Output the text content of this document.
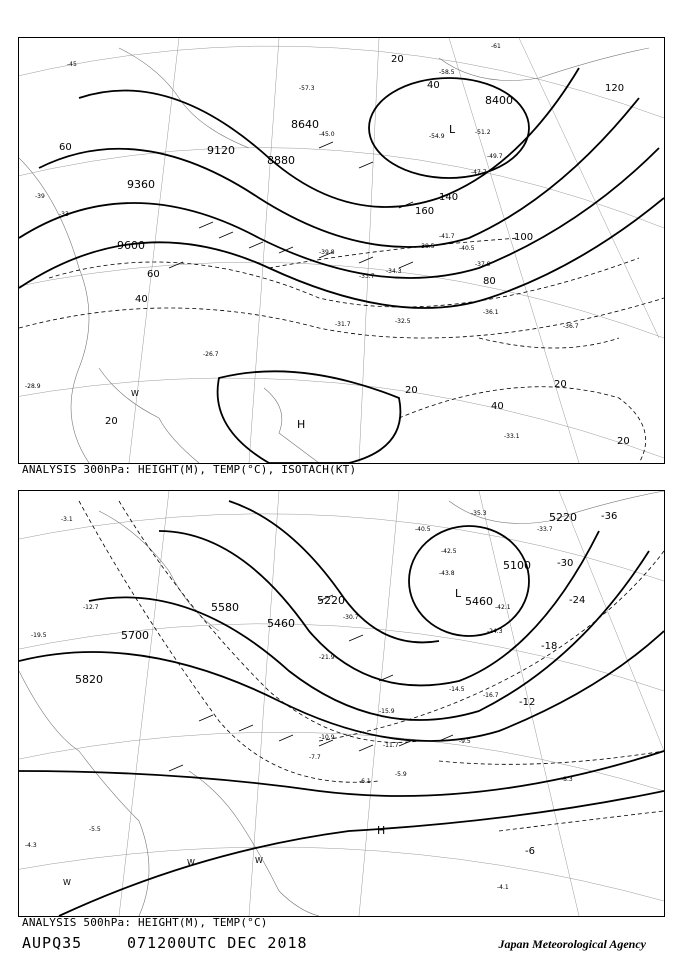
8640
8400
9120
8880
9360
9600
20
40
60
80
100
120
140
160
60
40
20
20
40
20
20
L
H
W
-45
-39
-33
-36.1
-32.5
-34.3
-37.9
-33.1
-28.9
-26.7
-31.7
-45.0
-49.7
-51.2
-54.9
-58.5
-61
-57.3
-47.7
-38.5
-41.7
-33.7
-36.7
-40.5
-39.8
ANALYSIS 300hPa: HEIGHT(M), TEMP(°C), ISOTACH(KT)
5220
5580
5460
5220
5700
5820
5100
5460
-36
-30
-24
-18
-12
-6
L
H
W	W
W
-42.5
-43.8
-42.1
-40.5
-35.3
-33.7
-30.7
-24.3
-21.9
-16.7
-14.5
-11.7
-9.5
-7.7
-5.9
-4.1
-4.3
-8.3
-12.7
-19.5
-15.9
-10.9
-6.1
-5.5
-3.1
ANALYSIS 500hPa: HEIGHT(M), TEMP(°C)
AUPQ35	071200UTC DEC 2018	Japan Meteorological Agency
